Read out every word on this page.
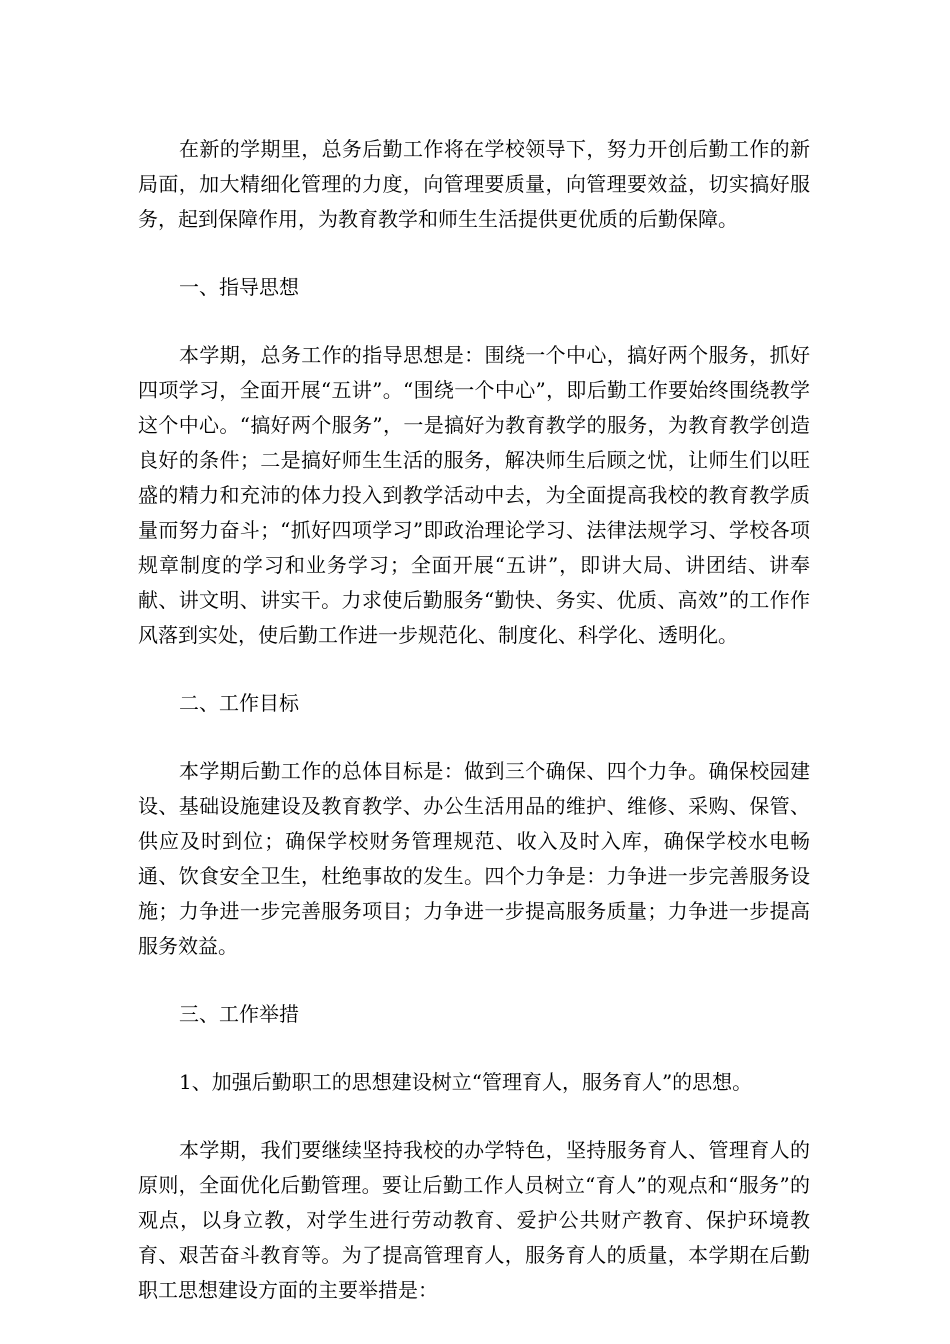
在新的学期里，总务后勤工作将在学校领导下，努力开创后勤工作的新局面，加大精细化管理的力度，向管理要质量，向管理要效益，切实搞好服务，起到保障作用，为教育教学和师生生活提供更优质的后勤保障。

一、指导思想

本学期，总务工作的指导思想是：围绕一个中心，搞好两个服务，抓好四项学习，全面开展“五讲”。“围绕一个中心”，即后勤工作要始终围绕教学这个中心。“搞好两个服务”，一是搞好为教育教学的服务，为教育教学创造良好的条件；二是搞好师生生活的服务，解决师生后顾之忧，让师生们以旺盛的精力和充沛的体力投入到教学活动中去，为全面提高我校的教育教学质量而努力奋斗；“抓好四项学习”即政治理论学习、法律法规学习、学校各项规章制度的学习和业务学习；全面开展“五讲”，即讲大局、讲团结、讲奉献、讲文明、讲实干。力求使后勤服务“勤快、务实、优质、高效”的工作作风落到实处，使后勤工作进一步规范化、制度化、科学化、透明化。

二、工作目标

本学期后勤工作的总体目标是：做到三个确保、四个力争。确保校园建设、基础设施建设及教育教学、办公生活用品的维护、维修、采购、保管、供应及时到位；确保学校财务管理规范、收入及时入库，确保学校水电畅通、饮食安全卫生，杜绝事故的发生。四个力争是：力争进一步完善服务设施；力争进一步完善服务项目；力争进一步提高服务质量；力争进一步提高服务效益。

三、工作举措

1、加强后勤职工的思想建设树立“管理育人，服务育人”的思想。

本学期，我们要继续坚持我校的办学特色，坚持服务育人、管理育人的原则，全面优化后勤管理。要让后勤工作人员树立“育人”的观点和“服务”的观点，以身立教，对学生进行劳动教育、爱护公共财产教育、保护环境教育、艰苦奋斗教育等。为了提高管理育人，服务育人的质量，本学期在后勤职工思想建设方面的主要举措是：
